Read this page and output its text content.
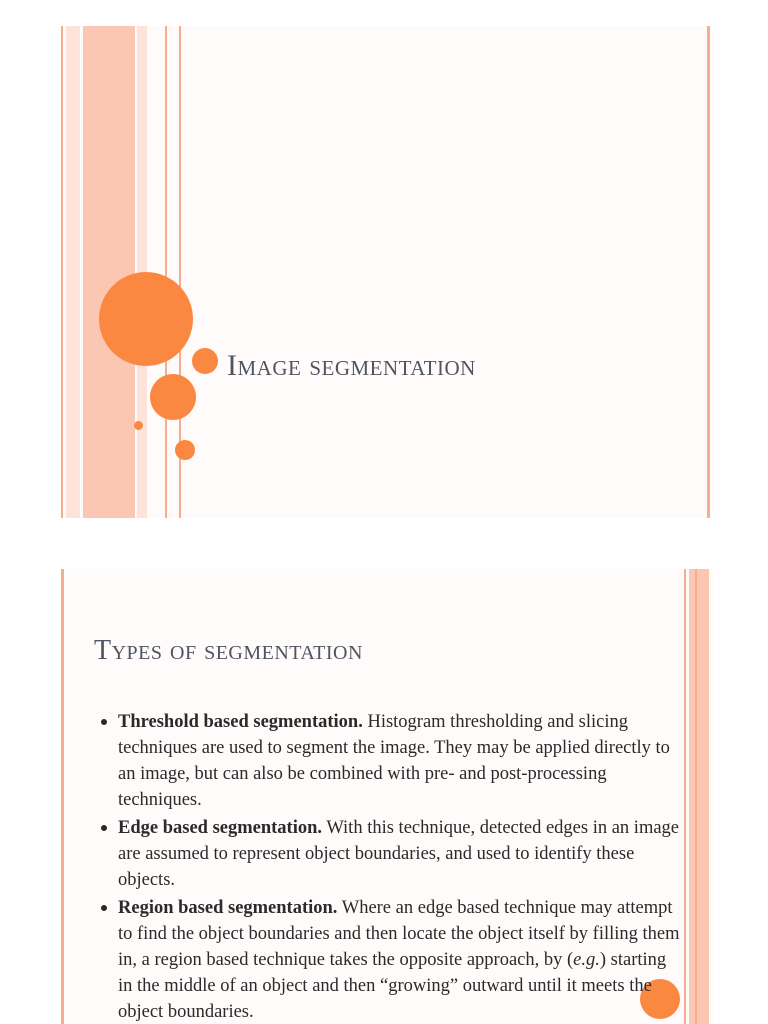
Image segmentation
Types of segmentation
Threshold based segmentation. Histogram thresholding and slicing techniques are used to segment the image. They may be applied directly to an image, but can also be combined with pre- and post-processing techniques.
Edge based segmentation. With this technique, detected edges in an image are assumed to represent object boundaries, and used to identify these objects.
Region based segmentation. Where an edge based technique may attempt to find the object boundaries and then locate the object itself by filling them in, a region based technique takes the opposite approach, by (e.g.) starting in the middle of an object and then “growing” outward until it meets the object boundaries.
